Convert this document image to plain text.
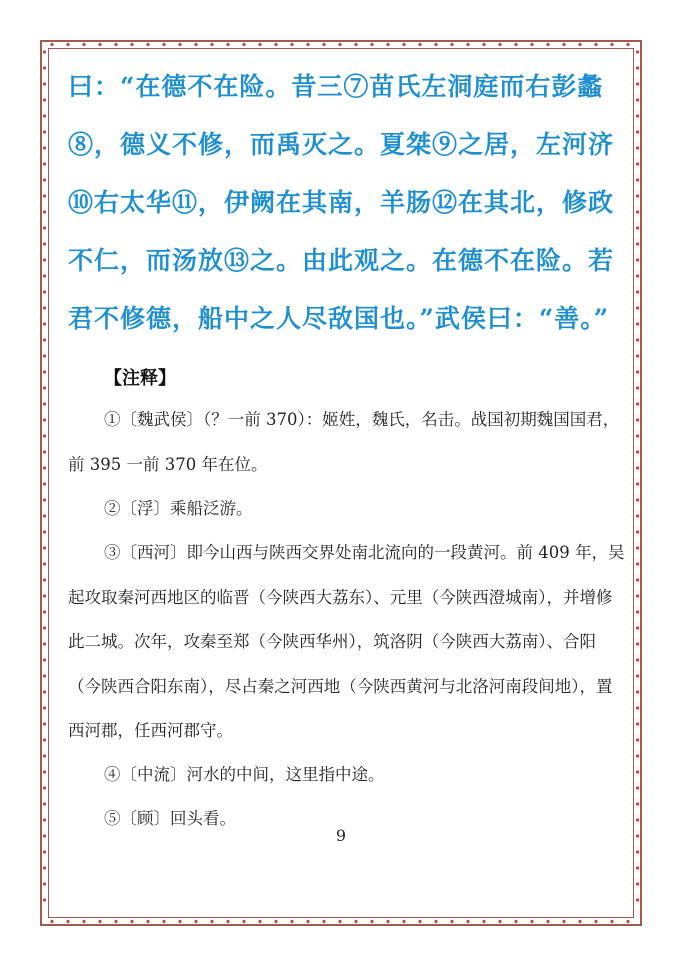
曰：“在德不在险。昔三⑦苗氏左洞庭而右彭蠡⑧，德义不修，而禹灭之。夏桀⑨之居，左河济⑩右太华⑪，伊阙在其南，羊肠⑫在其北，修政不仁，而汤放⑬之。由此观之。在德不在险。若君不修德，船中之人尽敌国也。”武侯曰：“善。”

【注释】

①〔魏武侯〕（？一前 370）：姬姓，魏氏，名击。战国初期魏国国君，前 395 一前 370 年在位。

②〔浮〕乘船泛游。

③〔西河〕即今山西与陕西交界处南北流向的一段黄河。前 409 年，吴起攻取秦河西地区的临晋（今陕西大荔东）、元里（今陕西澄城南），并增修此二城。次年，攻秦至郑（今陕西华州），筑洛阴（今陕西大荔南）、合阳（今陕西合阳东南），尽占秦之河西地（今陕西黄河与北洛河南段间地），置西河郡，任西河郡守。

④〔中流〕河水的中间，这里指中途。

⑤〔顾〕回头看。

9
